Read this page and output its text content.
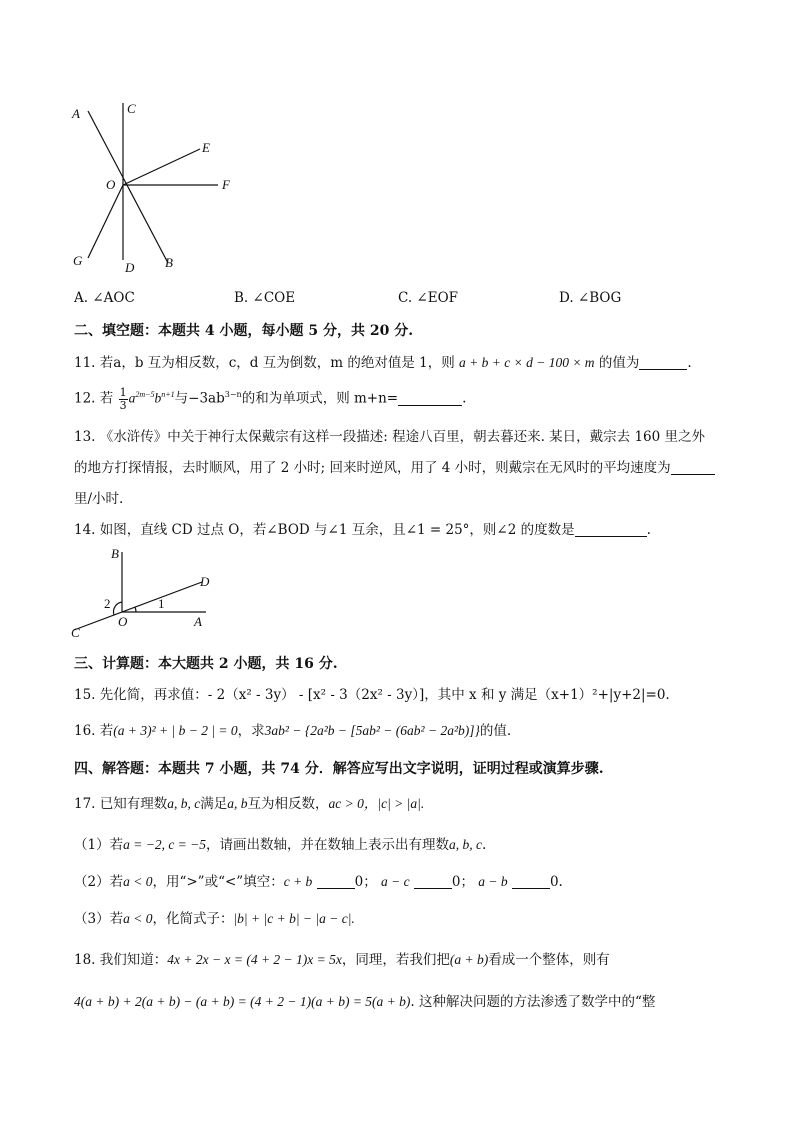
A	C
E
O	F
G	D B
A. ∠AOC	B. ∠COE	C. ∠EOF	D. ∠BOG
二、填空题：本题共 4 小题，每小题 5 分，共 20 分.
11. 若a，b 互为相反数，c，d 互为倒数，m 的绝对值是 1，则 a + b + c × d − 100 × m 的值为	.
12. 若 $\frac{1}{3} a^{2m-5}b^{n+1}$与$-3ab^{3-n}$的和为单项式，则 m+n=	.
13. 《水浒传》中关于神行太保戴宗有这样一段描述: 程途八百里，朝去暮还来. 某日，戴宗去 160 里之外
的地方打探情报，去时顺风，用了 2 小时; 回来时逆风，用了 4 小时，则戴宗在无风时的平均速度为
里/小时.
14. 如图，直线 CD 过点 O，若∠BOD 与∠1 互余，且∠1 = 25°，则∠2 的度数是	.
B
D
2	1
C
O	A
三、计算题：本大题共 2 小题，共 16 分.
15. 先化简，再求值：- 2（x² - 3y） - [x² - 3（2x² - 3y）]，其中 x 和 y 满足（x+1）²+|y+2|=0.
16. 若(a + 3)² + | b − 2 | = 0，求3ab² − {2a²b − [5ab² − (6ab² − 2a²b)]}的值.
四、解答题：本题共 7 小题，共 74 分．解答应写出文字说明，证明过程或演算步骤.
17. 已知有理数a, b, c满足a, b互为相反数，ac > 0，|c| > |a|.
（1）若a = −2, c = −5，请画出数轴，并在数轴上表示出有理数a, b, c.
（2）若a < 0，用“>”或“<”填空：c + b	0； a − c	0； a − b	0.
（3）若a < 0，化简式子：|b| + |c + b| − |a − c|.
18. 我们知道：4x + 2x − x = (4 + 2 − 1)x = 5x，同理，若我们把(a + b)看成一个整体，则有
4(a + b) + 2(a + b) − (a + b) = (4 + 2 − 1)(a + b) = 5(a + b). 这种解决问题的方法渗透了数学中的“整
